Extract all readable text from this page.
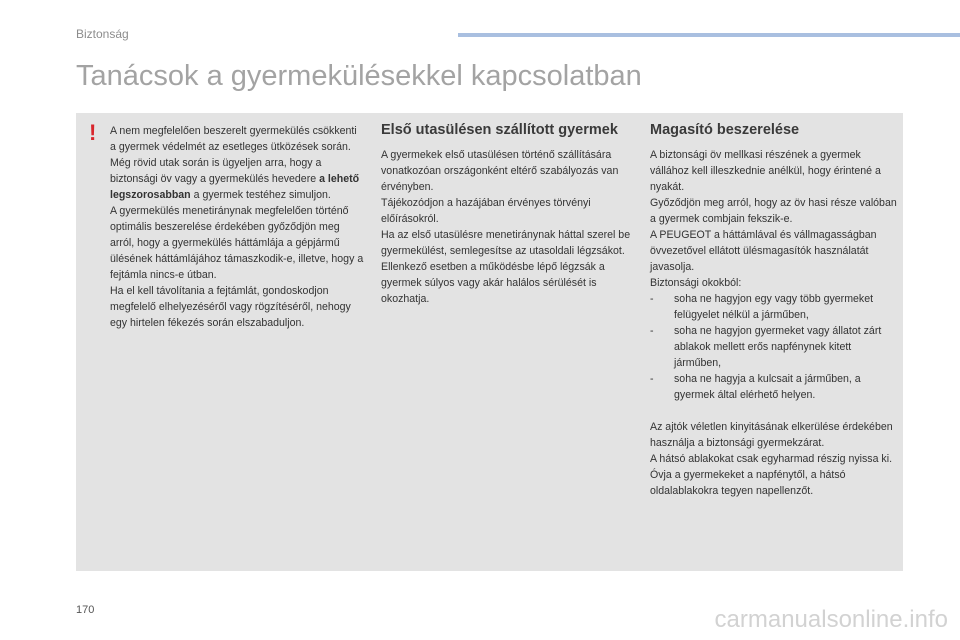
Biztonság
Tanácsok a gyermekülésekkel kapcsolatban
! A nem megfelelően beszerelt gyermekülés csökkenti a gyermek védelmét az esetleges ütközések során.

Még rövid utak során is ügyeljen arra, hogy a biztonsági öv vagy a gyermekülés hevedere a lehető legszorosabban a gyermek testéhez simuljon.

A gyermekülés menetiránynak megfelelően történő optimális beszerelése érdekében győződjön meg arról, hogy a gyermekülés háttámlája a gépjármű ülésének háttámlájához támaszkodik-e, illetve, hogy a fejtámla nincs-e útban.

Ha el kell távolítania a fejtámlát, gondoskodjon megfelelő elhelyezéséről vagy rögzítéséről, nehogy egy hirtelen fékezés során elszabaduljon.

Első utasülésen szállított gyermek

A gyermekek első utasülésen történő szállítására vonatkozóan országonként eltérő szabályozás van érvényben.

Tájékozódjon a hazájában érvényes törvényi előírásokról.

Ha az első utasülésre menetiránynak háttal szerel be gyermekülést, semlegesítse az utasoldali légzsákot. Ellenkező esetben a működésbe lépő légzsák a gyermek súlyos vagy akár halálos sérülését is okozhatja.

Magasító beszerelése

A biztonsági öv mellkasi részének a gyermek vállához kell illeszkednie anélkül, hogy érintené a nyakát.

Győződjön meg arról, hogy az öv hasi része valóban a gyermek combjain fekszik-e.

A PEUGEOT a háttámlával és vállmagasságban övvezetővel ellátott ülésmagasítók használatát javasolja.

Biztonsági okokból:

- soha ne hagyjon egy vagy több gyermeket felügyelet nélkül a járműben,

- soha ne hagyjon gyermeket vagy állatot zárt ablakok mellett erős napfénynek kitett járműben,

- soha ne hagyja a kulcsait a járműben, a gyermek által elérhető helyen.

Az ajtók véletlen kinyitásának elkerülése érdekében használja a biztonsági gyermekzárat.

A hátsó ablakokat csak egyharmad részig nyissa ki.

Óvja a gyermekeket a napfénytől, a hátsó oldalablakokra tegyen napellenzőt.

170	carmanualsonline.info
